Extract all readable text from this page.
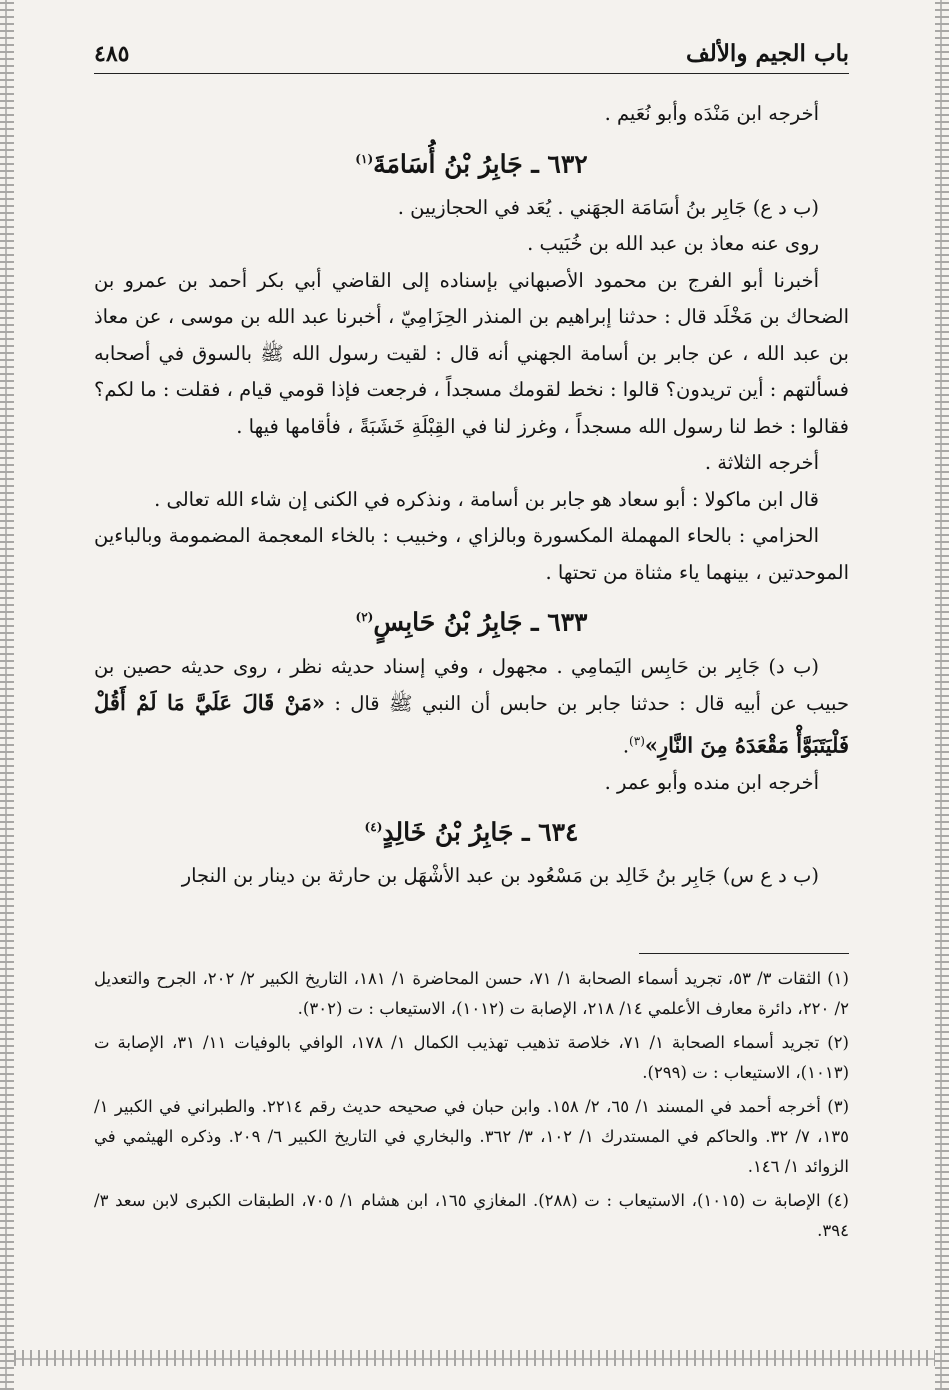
باب الجيم والألف
٤٨٥

أخرجه ابن مَنْدَه وأبو نُعَيم .

٦٣٢ ـ جَابِرُ بْنُ أُسَامَةَ$^{(١)}$

(ب د ع) جَابِر بنُ أسَامَة الجهَني . يُعَد في الحجازيين .

روى عنه معاذ بن عبد الله بن خُبَيب .

أخبرنا أبو الفرج بن محمود الأصبهاني بإسناده إلى القاضي أبي بكر أحمد بن عمرو بن الضحاك بن مَخْلَد قال : حدثنا إبراهيم بن المنذر الحِزَامِيّ ، أخبرنا عبد الله بن موسى ، عن معاذ بن عبد الله ، عن جابر بن أسامة الجهني أنه قال : لقيت رسول الله ﷺ بالسوق في أصحابه فسألتهم : أين تريدون؟ قالوا : نخط لقومك مسجداً ، فرجعت فإذا قومي قيام ، فقلت : ما لكم؟ فقالوا : خط لنا رسول الله مسجداً ، وغرز لنا في القِبْلَةِ خَشَبَةً ، فأقامها فيها .

أخرجه الثلاثة .

قال ابن ماكولا : أبو سعاد هو جابر بن أسامة ، ونذكره في الكنى إن شاء الله تعالى .

الحزامي : بالحاء المهملة المكسورة وبالزاي ، وخبيب : بالخاء المعجمة المضمومة وبالباءين الموحدتين ، بينهما ياء مثناة من تحتها .

٦٣٣ ـ جَابِرُ بْنُ حَابِسٍ$^{(٢)}$

(ب د) جَابِر بن حَابِس اليَمامِي . مجهول ، وفي إسناد حديثه نظر ، روى حديثه حصين بن حبيب عن أبيه قال : حدثنا جابر بن حابس أن النبي ﷺ قال : «مَنْ قَالَ عَلَيَّ مَا لَمْ أَقُلْ فَلْيَتَبَوَّأْ مَقْعَدَهُ مِنَ النَّارِ»$^{(٣)}$.

أخرجه ابن منده وأبو عمر .

٦٣٤ ـ جَابِرُ بْنُ خَالِدٍ$^{(٤)}$

(ب د ع س) جَابِر بنُ خَالِد بن مَسْعُود بن عبد الأشْهَل بن حارثة بن دينار بن النجار

(١) الثقات ٣/ ٥٣، تجريد أسماء الصحابة ١/ ٧١، حسن المحاضرة ١/ ١٨١، التاريخ الكبير ٢/ ٢٠٢، الجرح والتعديل ٢/ ٢٢٠، دائرة معارف الأعلمي ١٤/ ٢١٨، الإصابة ت (١٠١٢)، الاستيعاب : ت (٣٠٢).

(٢) تجريد أسماء الصحابة ١/ ٧١، خلاصة تذهيب تهذيب الكمال ١/ ١٧٨، الوافي بالوفيات ١١/ ٣١، الإصابة ت (١٠١٣)، الاستيعاب : ت (٢٩٩).

(٣) أخرجه أحمد في المسند ١/ ٦٥، ٢/ ١٥٨. وابن حبان في صحيحه حديث رقم ٢٢١٤. والطبراني في الكبير ١/ ١٣٥، ٧/ ٣٢. والحاكم في المستدرك ١/ ١٠٢، ٣/ ٣٦٢. والبخاري في التاريخ الكبير ٦/ ٢٠٩. وذكره الهيثمي في الزوائد ١/ ١٤٦.

(٤) الإصابة ت (١٠١٥)، الاستيعاب : ت (٢٨٨). المغازي ١٦٥، ابن هشام ١/ ٧٠٥، الطبقات الكبرى لابن سعد ٣/ ٣٩٤.
